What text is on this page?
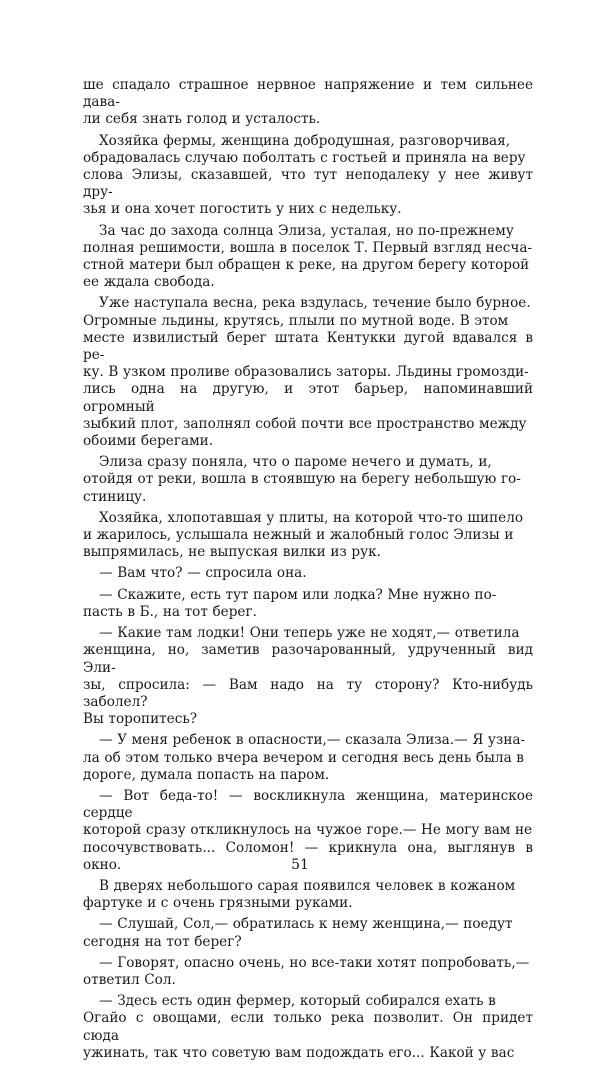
ше спадало страшное нервное напряжение и тем сильнее дава-
ли себя знать голод и усталость.

Хозяйка фермы, женщина добродушная, разговорчивая,
обрадовалась случаю поболтать с гостьей и приняла на веру
слова Элизы, сказавшей, что тут неподалеку у нее живут дру-
зья и она хочет погостить у них с недельку.

За час до захода солнца Элиза, усталая, но по-прежнему
полная решимости, вошла в поселок Т. Первый взгляд несча-
стной матери был обращен к реке, на другом берегу которой
ее ждала свобода.

Уже наступала весна, река вздулась, течение было бурное.
Огромные льдины, крутясь, плыли по мутной воде. В этом
месте извилистый берег штата Кентукки дугой вдавался в ре-
ку. В узком проливе образовались заторы. Льдины громозди-
лись одна на другую, и этот барьер, напоминавший огромный
зыбкий плот, заполнял собой почти все пространство между
обоими берегами.

Элиза сразу поняла, что о пароме нечего и думать, и,
отойдя от реки, вошла в стоявшую на берегу небольшую го-
стиницу.

Хозяйка, хлопотавшая у плиты, на которой что-то шипело
и жарилось, услышала нежный и жалобный голос Элизы и
выпрямилась, не выпуская вилки из рук.

— Вам что? — спросила она.

— Скажите, есть тут паром или лодка? Мне нужно по-
пасть в Б., на тот берег.

— Какие там лодки! Они теперь уже не ходят,— ответила
женщина, но, заметив разочарованный, удрученный вид Эли-
зы, спросила: — Вам надо на ту сторону? Кто-нибудь заболел?
Вы торопитесь?

— У меня ребенок в опасности,— сказала Элиза.— Я узна-
ла об этом только вчера вечером и сегодня весь день была в
дороге, думала попасть на паром.

— Вот беда-то! — воскликнула женщина, материнское сердце
которой сразу откликнулось на чужое горе.— Не могу вам не
посочувствовать... Соломон! — крикнула она, выглянув в окно.

В дверях небольшого сарая появился человек в кожаном
фартуке и с очень грязными руками.

— Слушай, Сол,— обратилась к нему женщина,— поедут
сегодня на тот берег?

— Говорят, опасно очень, но все-таки хотят попробовать,—
ответил Сол.

— Здесь есть один фермер, который собирался ехать в
Огайо с овощами, если только река позволит. Он придет сюда
ужинать, так что советую вам подождать его... Какой у вас

51
